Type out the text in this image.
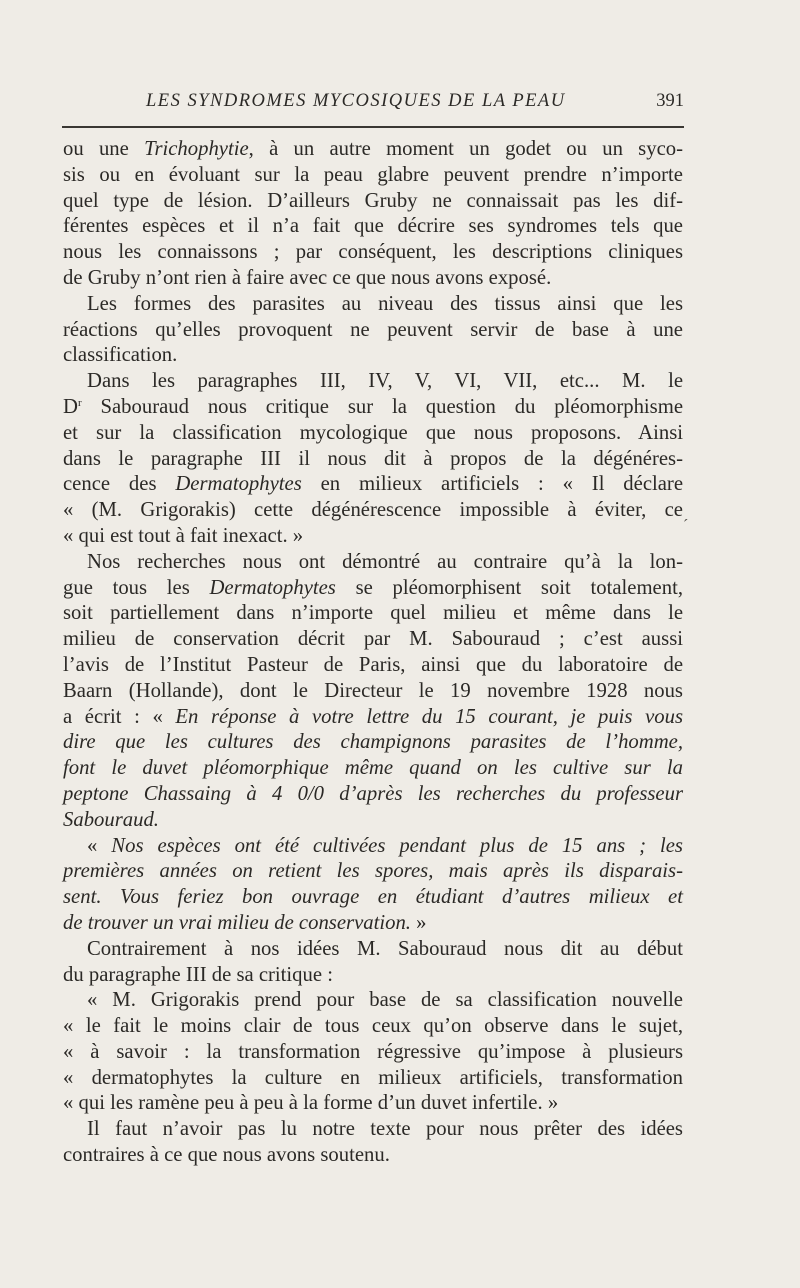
LES SYNDROMES MYCOSIQUES DE LA PEAU	391
ou une Trichophytie, à un autre moment un godet ou un syco-
sis ou en évoluant sur la peau glabre peuvent prendre n’importe
quel type de lésion. D’ailleurs Gruby ne connaissait pas les dif-
férentes espèces et il n’a fait que décrire ses syndromes tels que
nous les connaissons ; par conséquent, les descriptions cliniques
de Gruby n’ont rien à faire avec ce que nous avons exposé.
Les formes des parasites au niveau des tissus ainsi que les
réactions qu’elles provoquent ne peuvent servir de base à une
classification.
Dans les paragraphes III, IV, V, VI, VII, etc... M. le
$D^r$ Sabouraud nous critique sur la question du pléomorphisme
et sur la classification mycologique que nous proposons. Ainsi
dans le paragraphe III il nous dit à propos de la dégénéres-
cence des Dermatophytes en milieux artificiels : « Il déclare
« (M. Grigorakis) cette dégénérescence impossible à éviter, ce
« qui est tout à fait inexact. »
Nos recherches nous ont démontré au contraire qu’à la lon-
gue tous les Dermatophytes se pléomorphisent soit totalement,
soit partiellement dans n’importe quel milieu et même dans le
milieu de conservation décrit par M. Sabouraud ; c’est aussi
l’avis de l’Institut Pasteur de Paris, ainsi que du laboratoire de
Baarn (Hollande), dont le Directeur le 19 novembre 1928 nous
a écrit : « En réponse à votre lettre du 15 courant, je puis vous
dire que les cultures des champignons parasites de l’homme,
font le duvet pléomorphique même quand on les cultive sur la
peptone Chassaing à 4 0/0 d’après les recherches du professeur
Sabouraud.
« Nos espèces ont été cultivées pendant plus de 15 ans ; les
premières années on retient les spores, mais après ils disparais-
sent. Vous feriez bon ouvrage en étudiant d’autres milieux et
de trouver un vrai milieu de conservation. »
Contrairement à nos idées M. Sabouraud nous dit au début
du paragraphe III de sa critique :
« M. Grigorakis prend pour base de sa classification nouvelle
« le fait le moins clair de tous ceux qu’on observe dans le sujet,
« à savoir : la transformation régressive qu’impose à plusieurs
« dermatophytes la culture en milieux artificiels, transformation
« qui les ramène peu à peu à la forme d’un duvet infertile. »
Il faut n’avoir pas lu notre texte pour nous prêter des idées
contraires à ce que nous avons soutenu.
´
